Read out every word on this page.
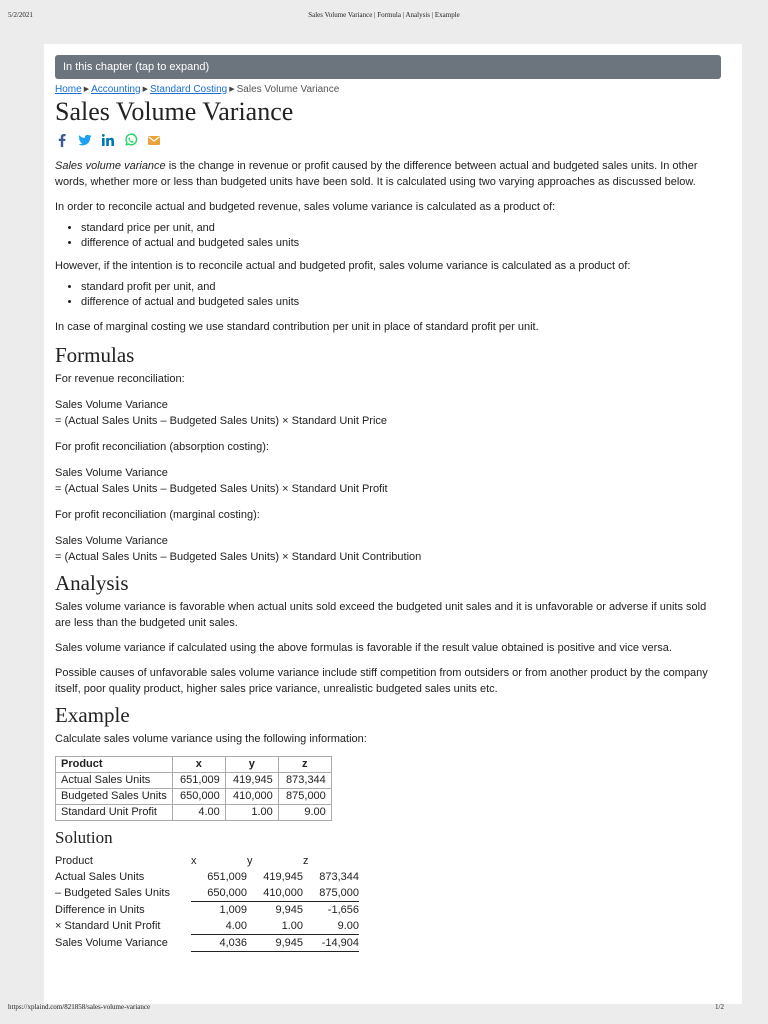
5/2/2021	Sales Volume Variance | Formula | Analysis | Example
In this chapter (tap to expand)
Home ▶ Accounting ▶ Standard Costing ▶ Sales Volume Variance
Sales Volume Variance

Sales volume variance is the change in revenue or profit caused by the difference between actual and budgeted sales units. In other words, whether more or less than budgeted units have been sold. It is calculated using two varying approaches as discussed below.

In order to reconcile actual and budgeted revenue, sales volume variance is calculated as a product of:

• standard price per unit, and
• difference of actual and budgeted sales units

However, if the intention is to reconcile actual and budgeted profit, sales volume variance is calculated as a product of:

• standard profit per unit, and
• difference of actual and budgeted sales units

In case of marginal costing we use standard contribution per unit in place of standard profit per unit.

Formulas

For revenue reconciliation:

Sales Volume Variance

= (Actual Sales Units – Budgeted Sales Units) × Standard Unit Price

For profit reconciliation (absorption costing):

Sales Volume Variance

= (Actual Sales Units – Budgeted Sales Units) × Standard Unit Profit

For profit reconciliation (marginal costing):

Sales Volume Variance

= (Actual Sales Units – Budgeted Sales Units) × Standard Unit Contribution

Analysis

Sales volume variance is favorable when actual units sold exceed the budgeted unit sales and it is unfavorable or adverse if units sold are less than the budgeted unit sales.

Sales volume variance if calculated using the above formulas is favorable if the result value obtained is positive and vice versa.

Possible causes of unfavorable sales volume variance include stiff competition from outsiders or from another product by the company itself, poor quality product, higher sales price variance, unrealistic budgeted sales units etc.

Example

Calculate sales volume variance using the following information:

Product	x	y	z
Actual Sales Units	651,009	419,945	873,344
Budgeted Sales Units	650,000	410,000	875,000
Standard Unit Profit	4.00	1.00	9.00
Solution
Product	x	y	z
Actual Sales Units	651,009	419,945	873,344
– Budgeted Sales Units	650,000	410,000	875,000
Difference in Units	1,009	9,945	-1,656
× Standard Unit Profit	4.00	1.00	9.00
Sales Volume Variance	4,036	9,945	-14,904
https://xplaind.com/821858/sales-volume-variance	1/2
